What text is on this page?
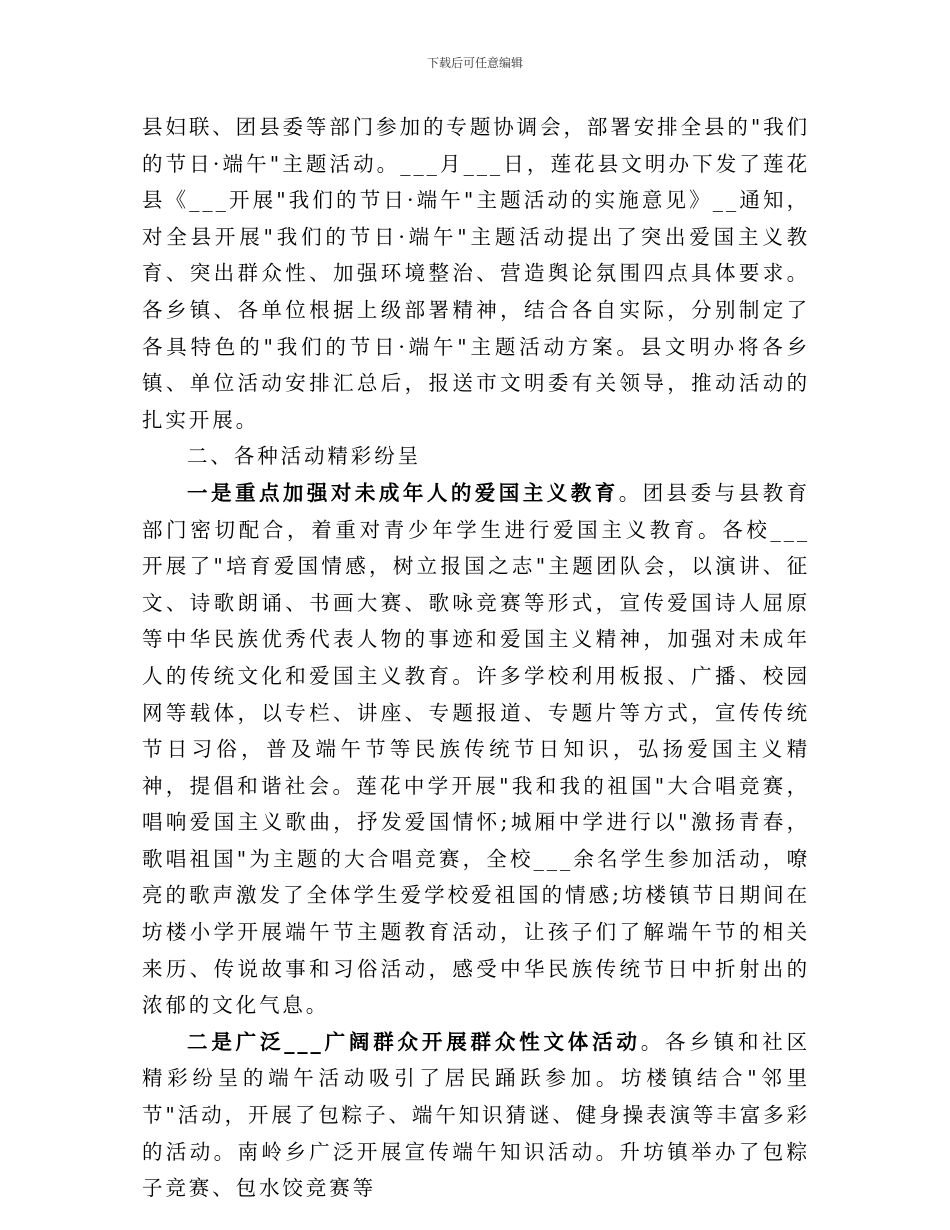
下载后可任意编辑

县妇联、团县委等部门参加的专题协调会，部署安排全县的"我们的节日·端午"主题活动。___月___日，莲花县文明办下发了莲花县《___开展"我们的节日·端午"主题活动的实施意见》__通知，对全县开展"我们的节日·端午"主题活动提出了突出爱国主义教育、突出群众性、加强环境整治、营造舆论氛围四点具体要求。各乡镇、各单位根据上级部署精神，结合各自实际，分别制定了各具特色的"我们的节日·端午"主题活动方案。县文明办将各乡镇、单位活动安排汇总后，报送市文明委有关领导，推动活动的扎实开展。

二、各种活动精彩纷呈

一是重点加强对未成年人的爱国主义教育。团县委与县教育部门密切配合，着重对青少年学生进行爱国主义教育。各校___开展了"培育爱国情感，树立报国之志"主题团队会，以演讲、征文、诗歌朗诵、书画大赛、歌咏竞赛等形式，宣传爱国诗人屈原等中华民族优秀代表人物的事迹和爱国主义精神，加强对未成年人的传统文化和爱国主义教育。许多学校利用板报、广播、校园网等载体，以专栏、讲座、专题报道、专题片等方式，宣传传统节日习俗，普及端午节等民族传统节日知识，弘扬爱国主义精神，提倡和谐社会。莲花中学开展"我和我的祖国"大合唱竞赛，唱响爱国主义歌曲，抒发爱国情怀;城厢中学进行以"激扬青春，歌唱祖国"为主题的大合唱竞赛，全校___余名学生参加活动，嘹亮的歌声激发了全体学生爱学校爱祖国的情感;坊楼镇节日期间在坊楼小学开展端午节主题教育活动，让孩子们了解端午节的相关来历、传说故事和习俗活动，感受中华民族传统节日中折射出的浓郁的文化气息。

二是广泛___广阔群众开展群众性文体活动。各乡镇和社区精彩纷呈的端午活动吸引了居民踊跃参加。坊楼镇结合"邻里节"活动，开展了包粽子、端午知识猜谜、健身操表演等丰富多彩的活动。南岭乡广泛开展宣传端午知识活动。升坊镇举办了包粽子竞赛、包水饺竞赛等
